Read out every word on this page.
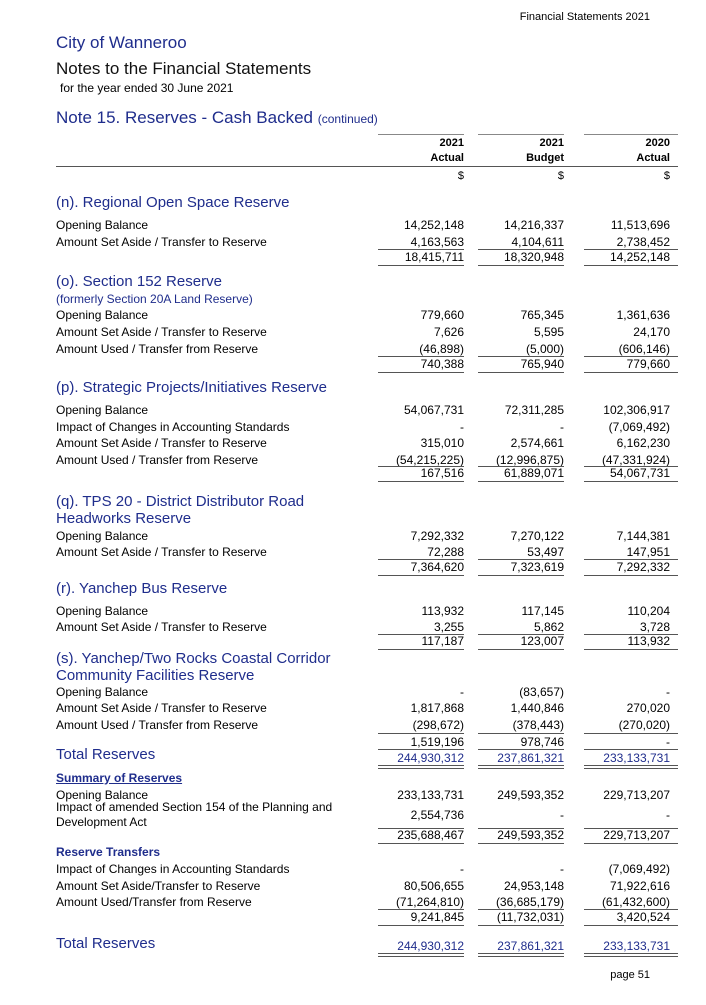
Financial Statements 2021
City of Wanneroo
Notes to the Financial Statements
for the year ended 30 June 2021
Note 15. Reserves - Cash Backed (continued)
2021	2021	2020
Actual	Budget	Actual
$	$	$
(n). Regional Open Space Reserve
Opening Balance	14,252,148	14,216,337	11,513,696
Amount Set Aside / Transfer to Reserve	4,163,563	4,104,611	2,738,452
18,415,711	18,320,948	14,252,148
(o). Section 152 Reserve
(formerly Section 20A Land Reserve)
Opening Balance	779,660	765,345	1,361,636
Amount Set Aside / Transfer to Reserve	7,626	5,595	24,170
Amount Used / Transfer from Reserve	(46,898)	(5,000)	(606,146)
740,388	765,940	779,660
(p). Strategic Projects/Initiatives Reserve
Opening Balance	54,067,731	72,311,285	102,306,917
Impact of Changes in Accounting Standards	-	-	(7,069,492)
Amount Set Aside / Transfer to Reserve	315,010	2,574,661	6,162,230
Amount Used / Transfer from Reserve	(54,215,225)	(12,996,875)	(47,331,924)
167,516	61,889,071	54,067,731
(q). TPS 20 - District Distributor Road
Headworks Reserve
Opening Balance	7,292,332	7,270,122	7,144,381
Amount Set Aside / Transfer to Reserve	72,288	53,497	147,951
7,364,620	7,323,619	7,292,332
(r). Yanchep Bus Reserve
Opening Balance	113,932	117,145	110,204
Amount Set Aside / Transfer to Reserve	3,255	5,862	3,728
117,187	123,007	113,932
(s). Yanchep/Two Rocks Coastal Corridor
Community Facilities Reserve
Opening Balance	-	(83,657)	-
Amount Set Aside / Transfer to Reserve	1,817,868	1,440,846	270,020
Amount Used / Transfer from Reserve	(298,672)	(378,443)	(270,020)
1,519,196	978,746	-
Total Reserves	244,930,312	237,861,321	233,133,731
Summary of Reserves
Opening Balance	233,133,731	249,593,352	229,713,207
Impact of amended Section 154 of the Planning and
2,554,736	-	-
Development Act
235,688,467	249,593,352	229,713,207
Reserve Transfers
Impact of Changes in Accounting Standards	-	-	(7,069,492)
Amount Set Aside/Transfer to Reserve	80,506,655	24,953,148	71,922,616
Amount Used/Transfer from Reserve	(71,264,810)	(36,685,179)	(61,432,600)
9,241,845	(11,732,031)	3,420,524
Total Reserves	244,930,312	237,861,321	233,133,731
page 51
